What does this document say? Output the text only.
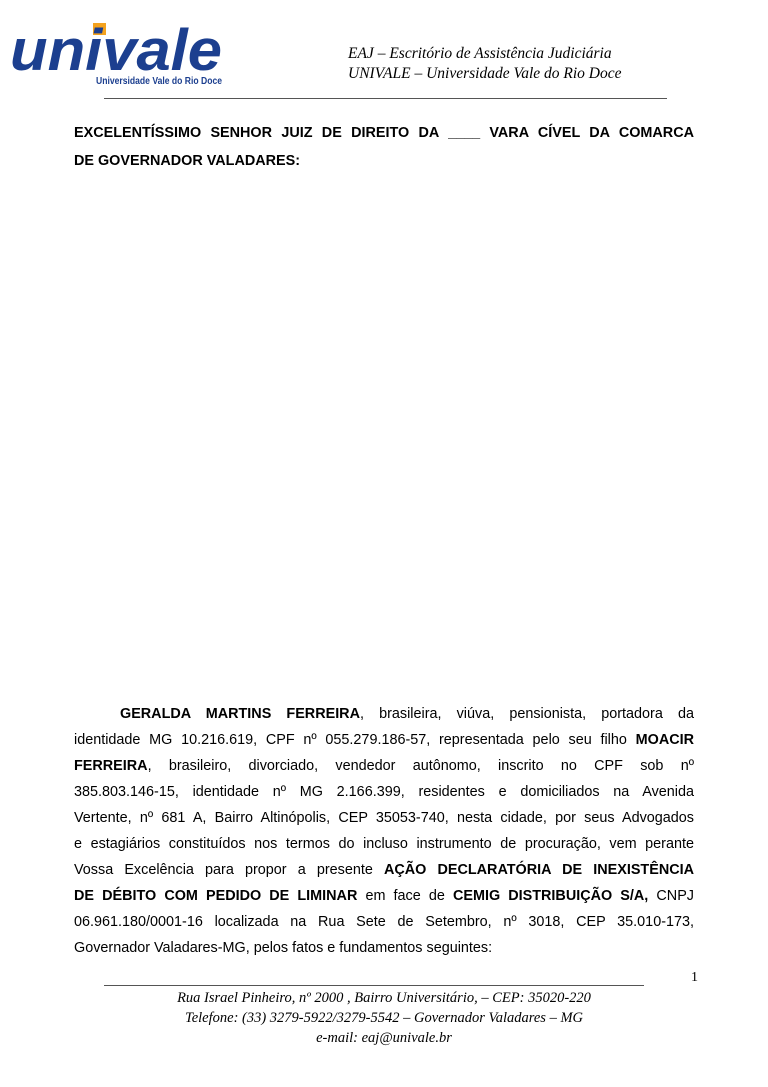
univale
Universidade Vale do Rio Doce
EAJ – Escritório de Assistência Judiciária
UNIVALE – Universidade Vale do Rio Doce
EXCELENTÍSSIMO SENHOR JUIZ DE DIREITO DA ____ VARA CÍVEL DA COMARCA
DE GOVERNADOR VALADARES:
GERALDA MARTINS FERREIRA, brasileira, viúva, pensionista, portadora da
identidade MG 10.216.619, CPF nº 055.279.186-57, representada pelo seu filho MOACIR
FERREIRA, brasileiro, divorciado, vendedor autônomo, inscrito no CPF sob nº
385.803.146-15, identidade nº MG 2.166.399, residentes e domiciliados na Avenida
Vertente, nº 681 A, Bairro Altinópolis, CEP 35053-740, nesta cidade, por seus Advogados
e estagiários constituídos nos termos do incluso instrumento de procuração, vem perante
Vossa Excelência para propor a presente AÇÃO DECLARATÓRIA DE INEXISTÊNCIA
DE DÉBITO COM PEDIDO DE LIMINAR em face de CEMIG DISTRIBUIÇÃO S/A, CNPJ
06.961.180/0001-16 localizada na Rua Sete de Setembro, nº 3018, CEP 35.010-173,
Governador Valadares-MG, pelos fatos e fundamentos seguintes:
1
Rua Israel Pinheiro, nº 2000 , Bairro Universitário, – CEP: 35020-220
Telefone: (33) 3279-5922/3279-5542 – Governador Valadares – MG
e-mail: eaj@univale.br
